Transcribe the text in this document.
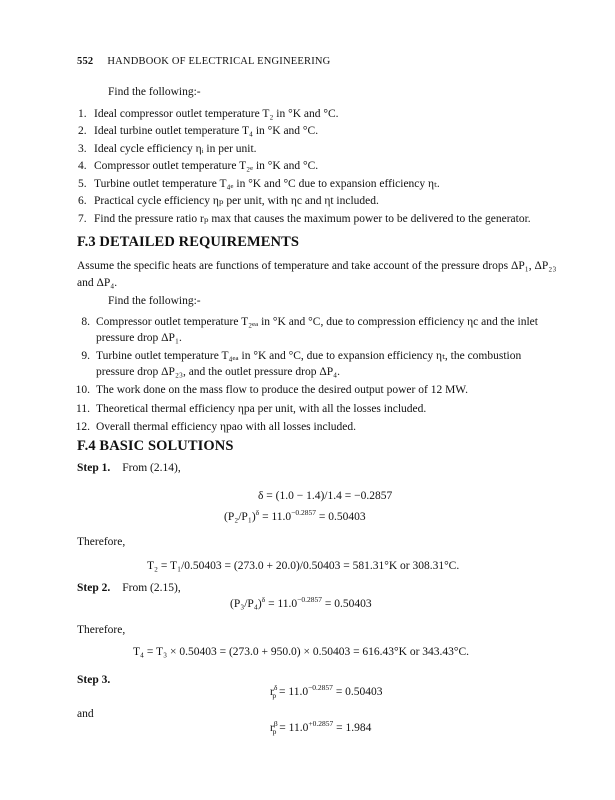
552 HANDBOOK OF ELECTRICAL ENGINEERING
Find the following:-
1. Ideal compressor outlet temperature T₂ in °K and °C.
2. Ideal turbine outlet temperature T₄ in °K and °C.
3. Ideal cycle efficiency ηᵢ in per unit.
4. Compressor outlet temperature T₂ₑ in °K and °C.
5. Turbine outlet temperature T₄ₑ in °K and °C due to expansion efficiency ηₜ.
6. Practical cycle efficiency ηₚ per unit, with ηc and ηt included.
7. Find the pressure ratio rₚ max that causes the maximum power to be delivered to the generator.
F.3 DETAILED REQUIREMENTS
Assume the specific heats are functions of temperature and take account of the pressure drops ΔP₁, ΔP₂₃ and ΔP₄.
Find the following:-
8. Compressor outlet temperature T₂ₑₐ in °K and °C, due to compression efficiency ηc and the inlet pressure drop ΔP₁.
9. Turbine outlet temperature T₄ₑₐ in °K and °C, due to expansion efficiency ηₜ, the combustion pressure drop ΔP₂₃, and the outlet pressure drop ΔP₄.
10. The work done on the mass flow to produce the desired output power of 12 MW.
11. Theoretical thermal efficiency ηpa per unit, with all the losses included.
12. Overall thermal efficiency ηpao with all losses included.
F.4 BASIC SOLUTIONS
Step 1. From (2.14),
δ = (1.0 − 1.4)/1.4 = −0.2857
$(P_2/P_1)^\delta = 11.0^{-0.2857} = 0.50403$
Therefore,
T₂ = T₁/0.50403 = (273.0 + 20.0)/0.50403 = 581.31°K or 308.31°C.
Step 2. From (2.15),
$(P_3/P_4)^\delta = 11.0^{-0.2857} = 0.50403$
Therefore,
T₄ = T₃ × 0.50403 = (273.0 + 950.0) × 0.50403 = 616.43°K or 343.43°C.
Step 3.
$r^\delta_p = 11.0^{-0.2857} = 0.50403$
and
$r^\beta_p = 11.0^{+0.2857} = 1.984$
